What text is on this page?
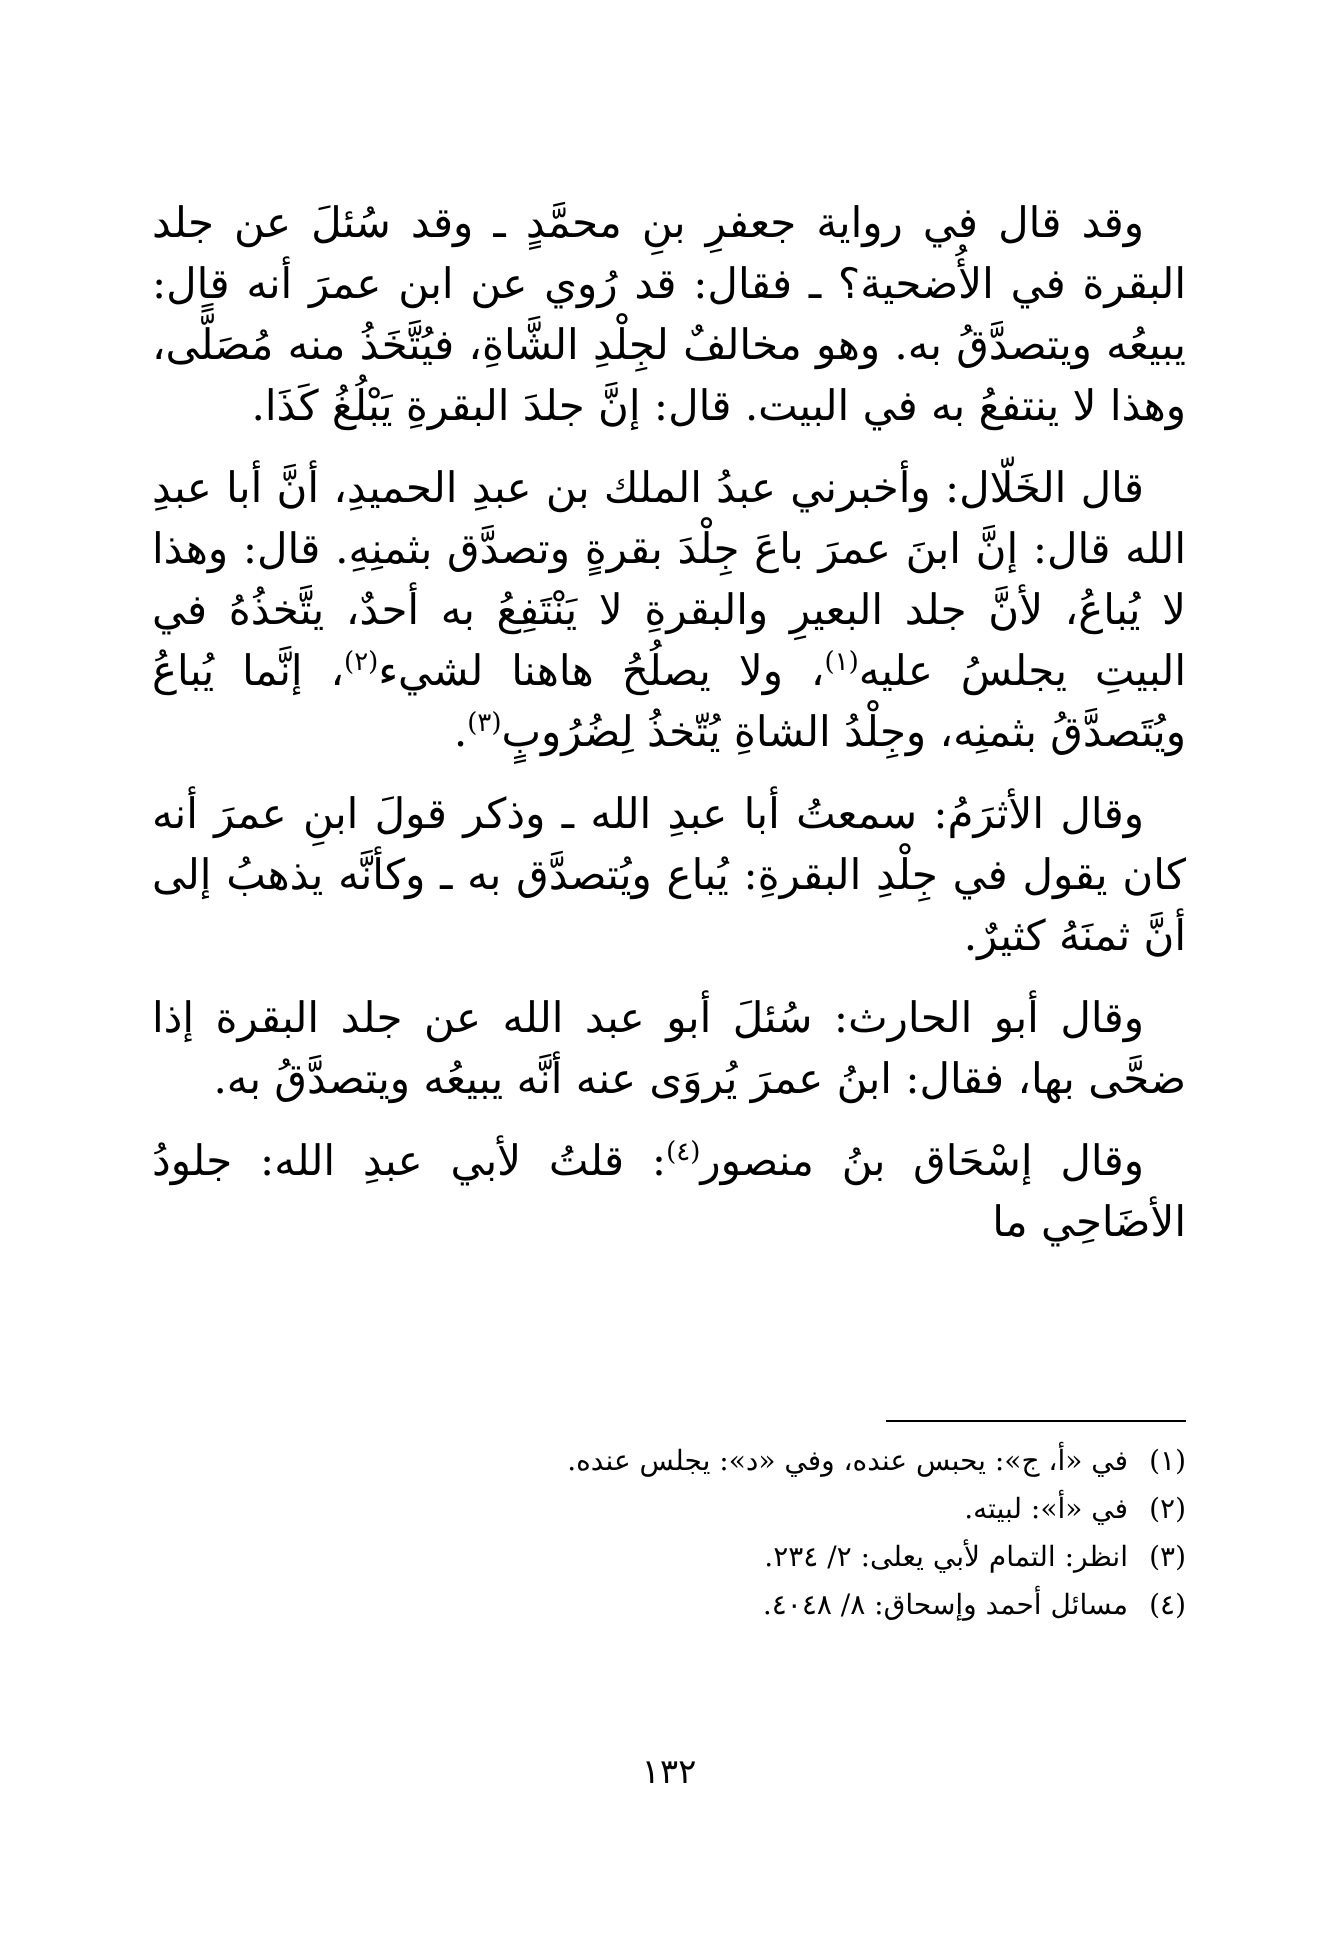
وقد قال في رواية جعفرِ بنِ محمَّدٍ ـ وقد سُئلَ عن جلد البقرة في الأُضحية؟ ـ فقال: قد رُوي عن ابن عمرَ أنه قال: يبيعُه ويتصدَّقُ به. وهو مخالفٌ لجِلْدِ الشَّاةِ، فيُتَّخَذُ منه مُصَلًّى، وهذا لا ينتفعُ به في البيت. قال: إنَّ جلدَ البقرةِ يَبْلُغُ كَذَا.

قال الخَلّال: وأخبرني عبدُ الملك بن عبدِ الحميدِ، أنَّ أبا عبدِ الله قال: إنَّ ابنَ عمرَ باعَ جِلْدَ بقرةٍ وتصدَّق بثمنِهِ. قال: وهذا لا يُباعُ، لأنَّ جلد البعيرِ والبقرةِ لا يَنْتَفِعُ به أحدٌ، يتَّخذُهُ في البيتِ يجلسُ عليه$^{(١)}$، ولا يصلُحُ هاهنا لشيء$^{(٢)}$، إنَّما يُباعُ ويُتَصدَّقُ بثمنِه، وجِلْدُ الشاةِ يُتّخذُ لِضُرُوبٍ$^{(٣)}$.

وقال الأثرَمُ: سمعتُ أبا عبدِ الله ـ وذكر قولَ ابنِ عمرَ أنه كان يقول في جِلْدِ البقرةِ: يُباع ويُتصدَّق به ـ وكأنَّه يذهبُ إلى أنَّ ثمنَهُ كثيرٌ.

وقال أبو الحارث: سُئلَ أبو عبد الله عن جلد البقرة إذا ضحَّى بها، فقال: ابنُ عمرَ يُروَى عنه أنَّه يبيعُه ويتصدَّقُ به.

وقال إسْحَاق بنُ منصور$^{(٤)}$: قلتُ لأبي عبدِ الله: جلودُ الأضَاحِي ما

(١)في «أ، ج»: يحبس عنده، وفي «د»: يجلس عنده.

(٢)في «أ»: لبيته.

(٣)انظر: التمام لأبي يعلى: ٢/ ٢٣٤.

(٤)مسائل أحمد وإسحاق: ٨/ ٤٠٤٨.

١٣٢
